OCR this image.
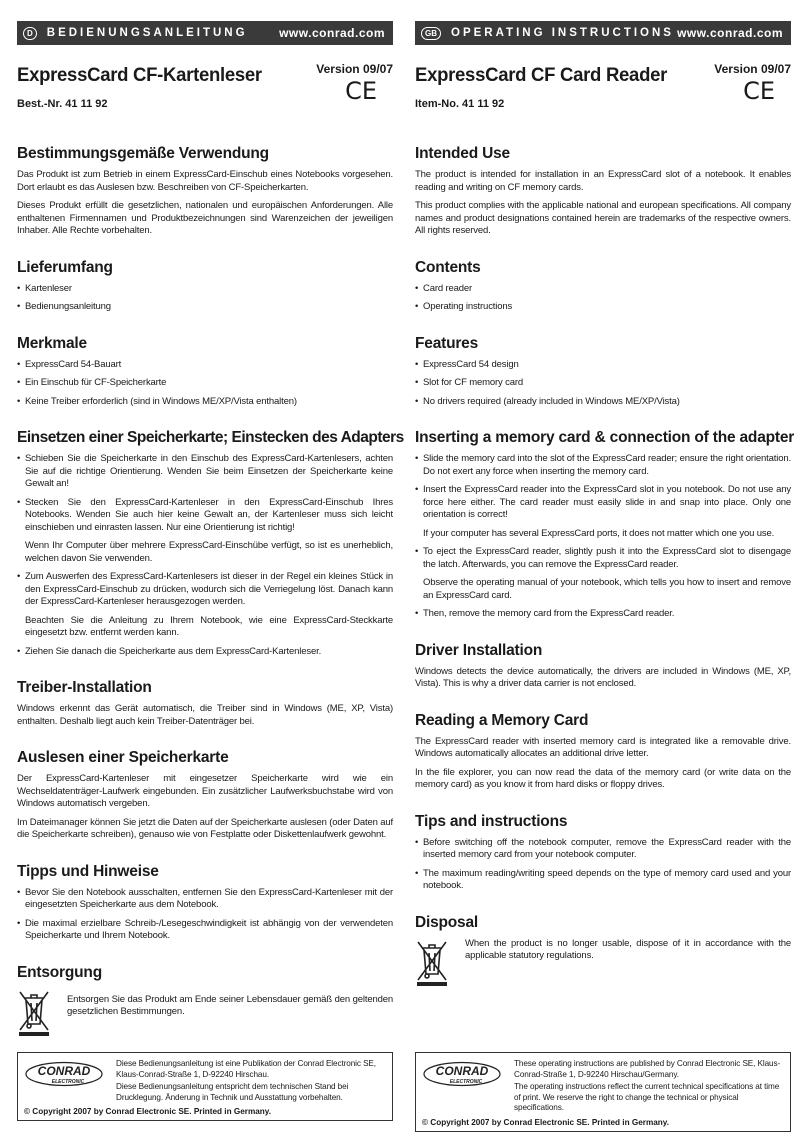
D	BEDIENUNGSANLEITUNG	www.conrad.com
ExpressCard CF-Kartenleser
Best.-Nr. 41 11 92
Version 09/07
CE
Bestimmungsgemäße Verwendung

Das Produkt ist zum Betrieb in einem ExpressCard-Einschub eines Notebooks vorgesehen. Dort erlaubt es das Auslesen bzw. Beschreiben von CF-Speicherkarten.

Dieses Produkt erfüllt die gesetzlichen, nationalen und europäischen Anforderungen. Alle enthaltenen Firmennamen und Produktbezeichnungen sind Warenzeichen der jeweiligen Inhaber. Alle Rechte vorbehalten.

Lieferumfang
• Kartenleser
• Bedienungsanleitung
Merkmale
• ExpressCard 54-Bauart
• Ein Einschub für CF-Speicherkarte
• Keine Treiber erforderlich (sind in Windows ME/XP/Vista enthalten)
Einsetzen einer Speicherkarte; Einstecken des Adapters
• Schieben Sie die Speicherkarte in den Einschub des ExpressCard-Kartenlesers, achten Sie auf die richtige Orientierung. Wenden Sie beim Einsetzen der Speicherkarte keine Gewalt an!
• Stecken Sie den ExpressCard-Kartenleser in den ExpressCard-Einschub Ihres Notebooks. Wenden Sie auch hier keine Gewalt an, der Kartenleser muss sich leicht einschieben und einrasten lassen. Nur eine Orientierung ist richtig!
Wenn Ihr Computer über mehrere ExpressCard-Einschübe verfügt, so ist es unerheblich, welchen davon Sie verwenden.
• Zum Auswerfen des ExpressCard-Kartenlesers ist dieser in der Regel ein kleines Stück in den ExpressCard-Einschub zu drücken, wodurch sich die Verriegelung löst. Danach kann der ExpressCard-Kartenleser herausgezogen werden.
Beachten Sie die Anleitung zu Ihrem Notebook, wie eine ExpressCard-Steckkarte eingesetzt bzw. entfernt werden kann.
• Ziehen Sie danach die Speicherkarte aus dem ExpressCard-Kartenleser.
Treiber-Installation

Windows erkennt das Gerät automatisch, die Treiber sind in Windows (ME, XP, Vista) enthalten. Deshalb liegt auch kein Treiber-Datenträger bei.

Auslesen einer Speicherkarte

Der ExpressCard-Kartenleser mit eingesetzer Speicherkarte wird wie ein Wechseldatenträger-Laufwerk eingebunden. Ein zusätzlicher Laufwerksbuchstabe wird von Windows automatisch vergeben.

Im Dateimanager können Sie jetzt die Daten auf der Speicherkarte auslesen (oder Daten auf die Speicherkarte schreiben), genauso wie von Festplatte oder Diskettenlaufwerk gewohnt.

Tipps und Hinweise
• Bevor Sie den Notebook ausschalten, entfernen Sie den ExpressCard-Kartenleser mit der eingesetzten Speicherkarte aus dem Notebook.
• Die maximal erzielbare Schreib-/Lesegeschwindigkeit ist abhängig von der verwendeten Speicherkarte und Ihrem Notebook.
Entsorgung

Entsorgen Sie das Produkt am Ende seiner Lebensdauer gemäß den geltenden gesetzlichen Bestimmungen.

GB	OPERATING INSTRUCTIONS www.conrad.com
ExpressCard CF Card Reader
Item-No. 41 11 92
Version 09/07
CE
Intended Use

The product is intended for installation in an ExpressCard slot of a notebook. It enables reading and writing on CF memory cards.

This product complies with the applicable national and european specifications. All company names and product designations contained herein are trademarks of the respective owners. All rights reserved.

Contents
• Card reader
• Operating instructions
Features
• ExpressCard 54 design
• Slot for CF memory card
• No drivers required (already included in Windows ME/XP/Vista)
Inserting a memory card & connection of the adapter
• Slide the memory card into the slot of the ExpressCard reader; ensure the right orientation. Do not exert any force when inserting the memory card.
• Insert the ExpressCard reader into the ExpressCard slot in you notebook. Do not use any force here either. The card reader must easily slide in and snap into place. Only one orientation is correct!
If your computer has several ExpressCard ports, it does not matter which one you use.
• To eject the ExpressCard reader, slightly push it into the ExpressCard slot to disengage the latch. Afterwards, you can remove the ExpressCard reader.
Observe the operating manual of your notebook, which tells you how to insert and remove an ExpressCard card.
• Then, remove the memory card from the ExpressCard reader.
Driver Installation

Windows detects the device automatically, the drivers are included in Windows (ME, XP, Vista). This is why a driver data carrier is not enclosed.

Reading a Memory Card

The ExpressCard reader with inserted memory card is integrated like a removable drive. Windows automatically allocates an additional drive letter.

In the file explorer, you can now read the data of the memory card (or write data on the memory card) as you know it from hard disks or floppy drives.

Tips and instructions
• Before switching off the notebook computer, remove the ExpressCard reader with the inserted memory card from your notebook computer.
• The maximum reading/writing speed depends on the type of memory card used and your notebook.
Disposal

When the product is no longer usable, dispose of it in accordance with the applicable statutory regulations.

CONRAD
ELECTRONIC
Diese Bedienungsanleitung ist eine Publikation der Conrad Electronic SE, Klaus-Conrad-Straße 1, D-92240 Hirschau.
Diese Bedienungsanleitung entspricht dem technischen Stand bei Drucklegung. Änderung in Technik und Ausstattung vorbehalten.
© Copyright 2007 by Conrad Electronic SE. Printed in Germany.
CONRAD
ELECTRONIC
These operating instructions are published by Conrad Electronic SE, Klaus-Conrad-Straße 1, D-92240 Hirschau/Germany.
The operating instructions reflect the current technical specifications at time of print. We reserve the right to change the technical or physical specifications.
© Copyright 2007 by Conrad Electronic SE. Printed in Germany.
